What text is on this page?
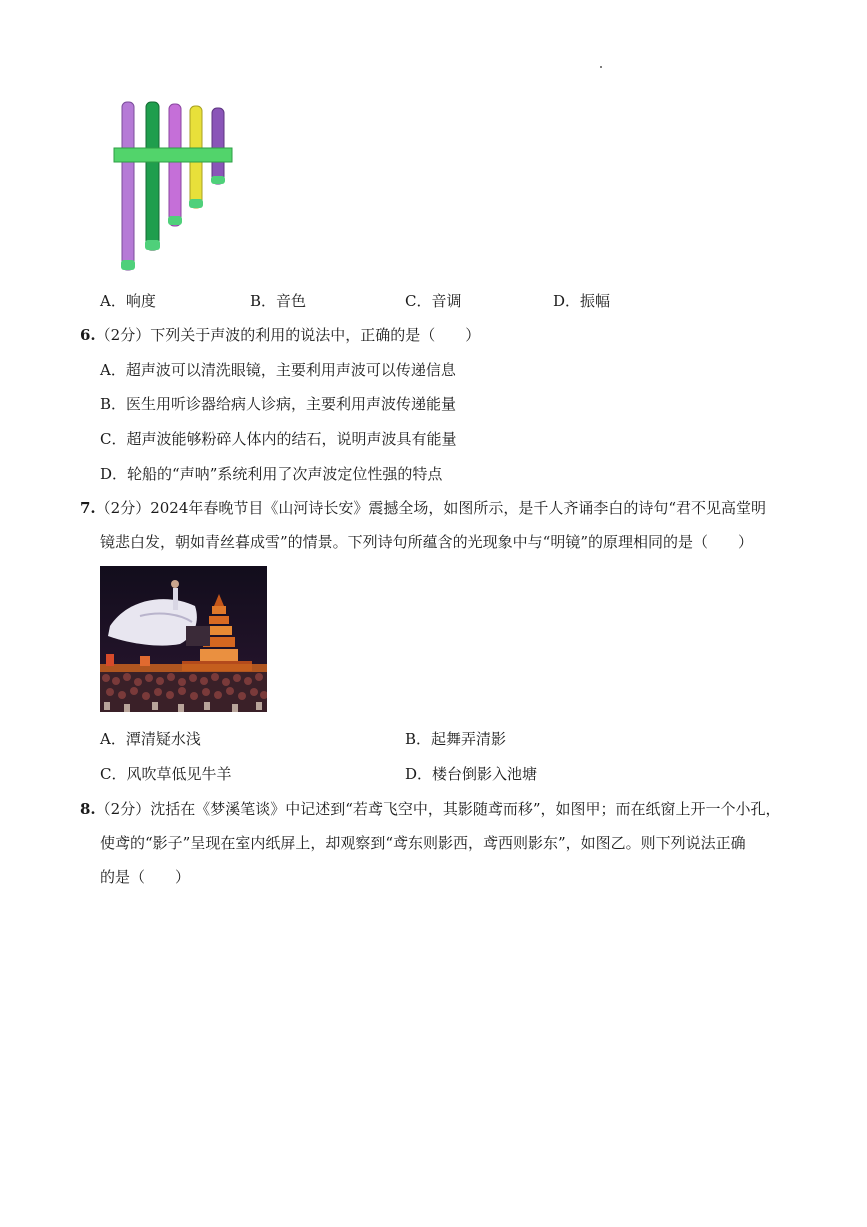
A．响度	B．音色	C．音调	D．振幅
6.（2分）下列关于声波的利用的说法中，正确的是（　　）
A．超声波可以清洗眼镜，主要利用声波可以传递信息
B．医生用听诊器给病人诊病，主要利用声波传递能量
C．超声波能够粉碎人体内的结石，说明声波具有能量
D．轮船的“声呐”系统利用了次声波定位性强的特点
7.（2分）2024年春晚节目《山河诗长安》震撼全场，如图所示，是千人齐诵李白的诗句“君不见高堂明
镜悲白发，朝如青丝暮成雪”的情景。下列诗句所蕴含的光现象中与“明镜”的原理相同的是（　　）
A．潭清疑水浅	B．起舞弄清影
C．风吹草低见牛羊	D．楼台倒影入池塘
8.（2分）沈括在《梦溪笔谈》中记述到“若鸢飞空中，其影随鸢而移”，如图甲；而在纸窗上开一个小孔，
使鸢的“影子”呈现在室内纸屏上，却观察到“鸢东则影西，鸢西则影东”，如图乙。则下列说法正确
的是（　　）
